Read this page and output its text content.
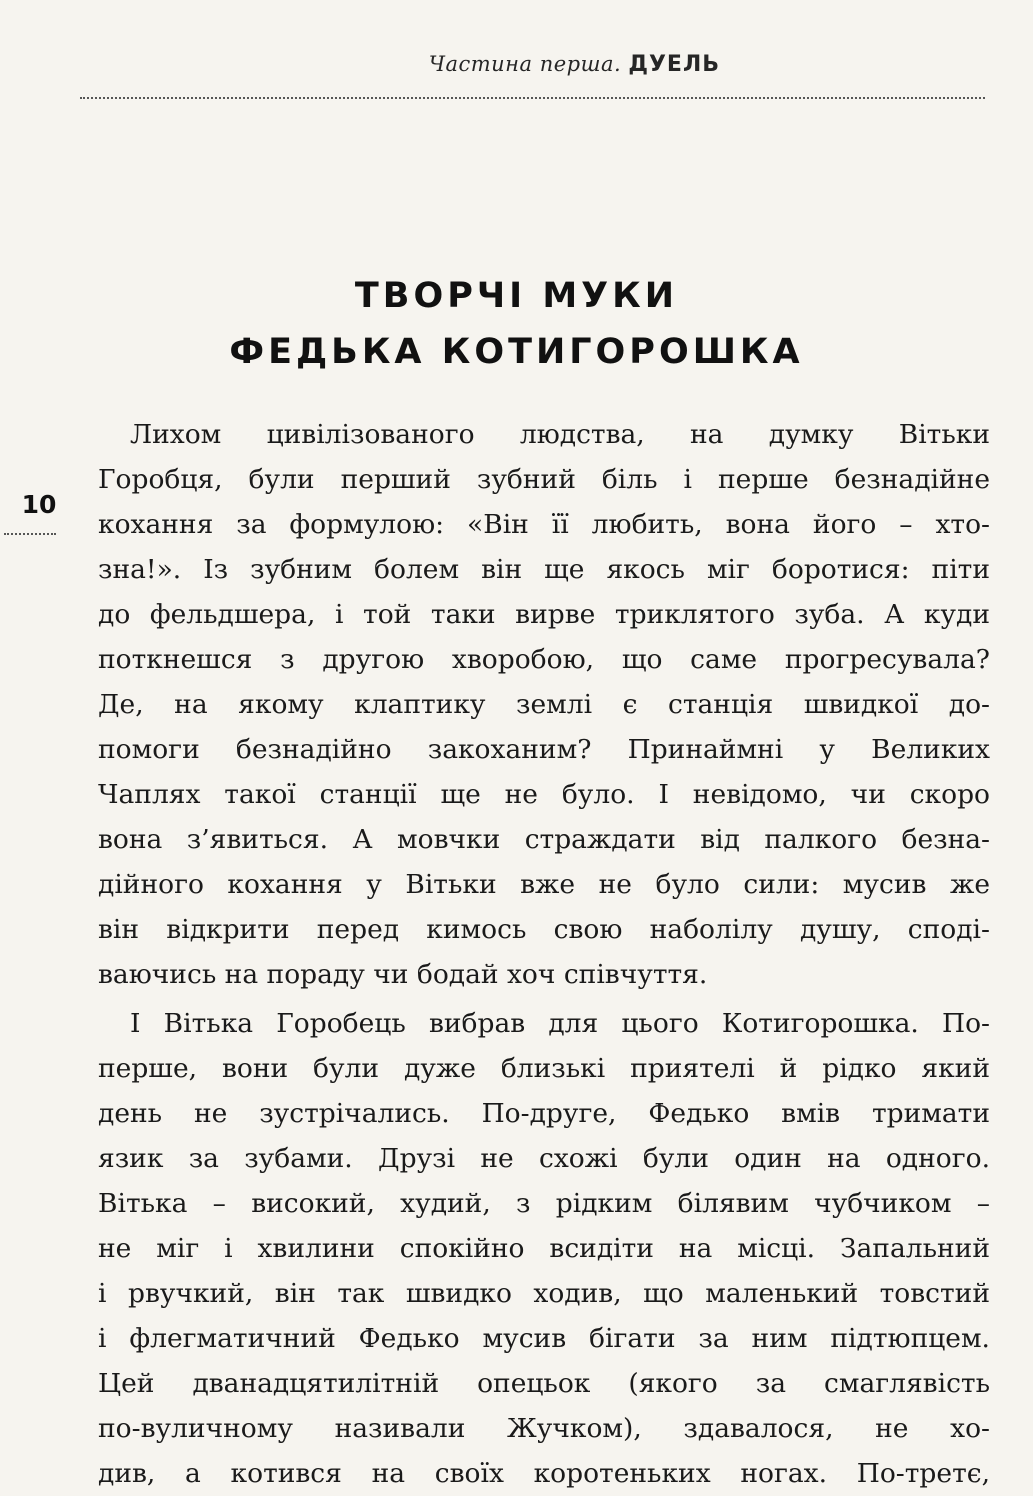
Частина перша. ДУЕЛЬ
ТВОРЧІ МУКИ
ФЕДЬКА КОТИГОРОШКА
10
Лихом цивілізованого людства, на думку Вітьки
Горобця, були перший зубний біль і перше безнадійне
кохання за формулою: «Він її любить, вона його – хто-
зна!». Із зубним болем він ще якось міг боротися: піти
до фельдшера, і той таки вирве триклятого зуба. А куди
поткнешся з другою хворобою, що саме прогресувала?
Де, на якому клаптику землі є станція швидкої до-
помоги безнадійно закоханим? Принаймні у Великих
Чаплях такої станції ще не було. І невідомо, чи скоро
вона з’явиться. А мовчки страждати від палкого безна-
дійного кохання у Вітьки вже не було сили: мусив же
він відкрити перед кимось свою наболілу душу, сподi-
ваючись на пораду чи бодай хоч співчуття.
І Вітька Горобець вибрав для цього Котигорошка. По-
перше, вони були дуже близькі приятелі й рідко який
день не зустрічались. По-друге, Федько вмів тримати
язик за зубами. Друзі не схожі були один на одного.
Вітька – високий, худий, з рідким білявим чубчиком –
не міг і хвилини спокійно всидіти на місці. Запальний
і рвучкий, він так швидко ходив, що маленький товстий
і флегматичний Федько мусив бігати за ним підтюпцем.
Цей дванадцятилітній опецьок (якого за смаглявість
по-вуличному називали Жучком), здавалося, не хо-
див, а котився на своїх коротеньких ногах. По-третє,
